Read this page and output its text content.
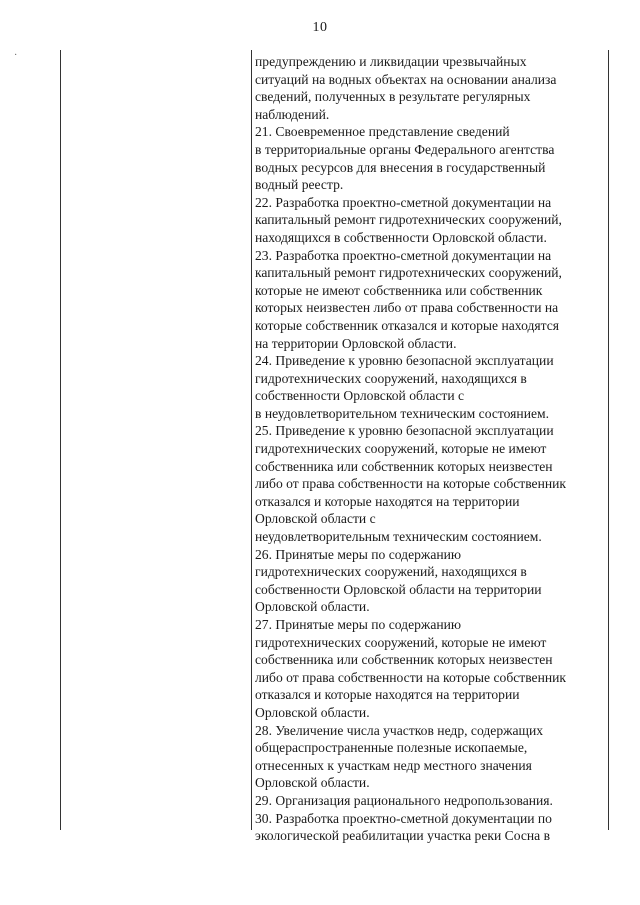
10
·	предупреждению и ликвидации чрезвычайных
ситуаций на водных объектах на основании анализа
сведений, полученных в результате регулярных
наблюдений.
21. Своевременное представление сведений
в территориальные органы Федерального агентства
водных ресурсов для внесения в государственный
водный реестр.
22. Разработка проектно-сметной документации на
капитальный ремонт гидротехнических сооружений,
находящихся в собственности Орловской области.
23. Разработка проектно-сметной документации на
капитальный ремонт гидротехнических сооружений,
которые не имеют собственника или собственник
которых неизвестен либо от права собственности на
которые собственник отказался и которые находятся
на территории Орловской области.
24. Приведение к уровню безопасной эксплуатации
гидротехнических сооружений, находящихся в
собственности Орловской области с
в неудовлетворительном техническим состоянием.
25. Приведение к уровню безопасной эксплуатации
гидротехнических сооружений, которые не имеют
собственника или собственник которых неизвестен
либо от права собственности на которые собственник
отказался и которые находятся на территории
Орловской области с
неудовлетворительным техническим состоянием.
26. Принятые меры по содержанию
гидротехнических сооружений, находящихся в
собственности Орловской области на территории
Орловской области.
27. Принятые меры по содержанию
гидротехнических сооружений, которые не имеют
собственника или собственник которых неизвестен
либо от права собственности на которые собственник
отказался и которые находятся на территории
Орловской области.
28. Увеличение числа участков недр, содержащих
общераспространенные полезные ископаемые,
отнесенных к участкам недр местного значения
Орловской области.
29. Организация рационального недропользования.
30. Разработка проектно-сметной документации по
экологической реабилитации участка реки Сосна в
